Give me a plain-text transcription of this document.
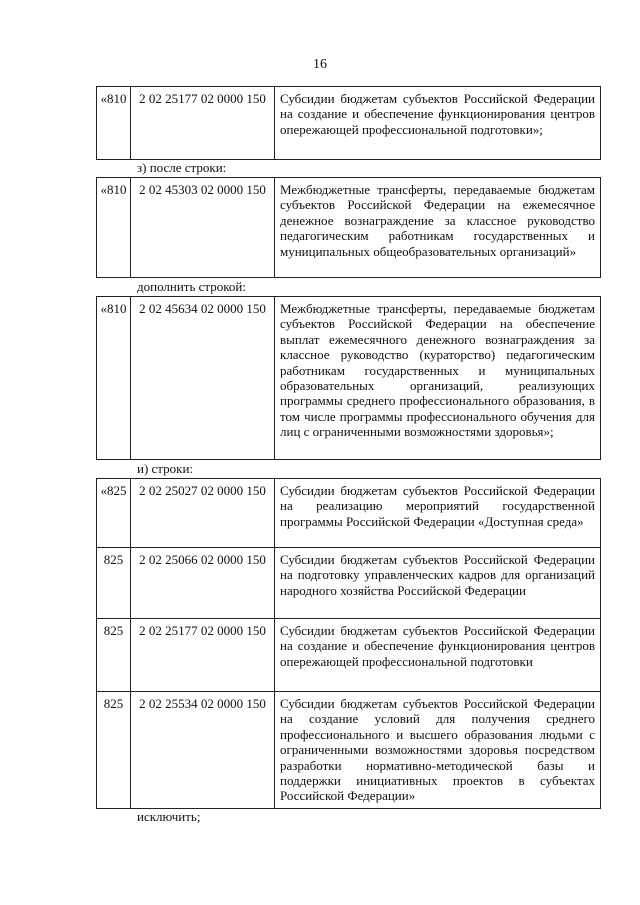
16
«810	2 02 25177 02 0000 150	Субсидии бюджетам субъектов Российской Федерации на создание и обеспечение функционирования центров опережающей профессиональной подготовки»;
з) после строки:
«810	2 02 45303 02 0000 150	Межбюджетные трансферты, передаваемые бюджетам субъектов Российской Федерации на ежемесячное денежное вознаграждение за классное руководство педагогическим работникам государственных и муниципальных общеобразовательных организаций»
дополнить строкой:
«810	2 02 45634 02 0000 150	Межбюджетные трансферты, передаваемые бюджетам субъектов Российской Федерации на обеспечение выплат ежемесячного денежного вознаграждения за классное руководство (кураторство) педагогическим работникам государственных и муниципальных образовательных организаций, реализующих программы среднего профессионального образования, в том числе программы профессионального обучения для лиц с ограниченными возможностями здоровья»;
и) строки:
«825	2 02 25027 02 0000 150	Субсидии бюджетам субъектов Российской Федерации на реализацию мероприятий государственной программы Российской Федерации «Доступная среда»
825	2 02 25066 02 0000 150	Субсидии бюджетам субъектов Российской Федерации на подготовку управленческих кадров для организаций народного хозяйства Российской Федерации
825	2 02 25177 02 0000 150	Субсидии бюджетам субъектов Российской Федерации на создание и обеспечение функционирования центров опережающей профессиональной подготовки
825	2 02 25534 02 0000 150	Субсидии бюджетам субъектов Российской Федерации на создание условий для получения среднего профессионального и высшего образования людьми с ограниченными возможностями здоровья посредством разработки нормативно-методической базы и поддержки инициативных проектов в субъектах Российской Федерации»
исключить;
